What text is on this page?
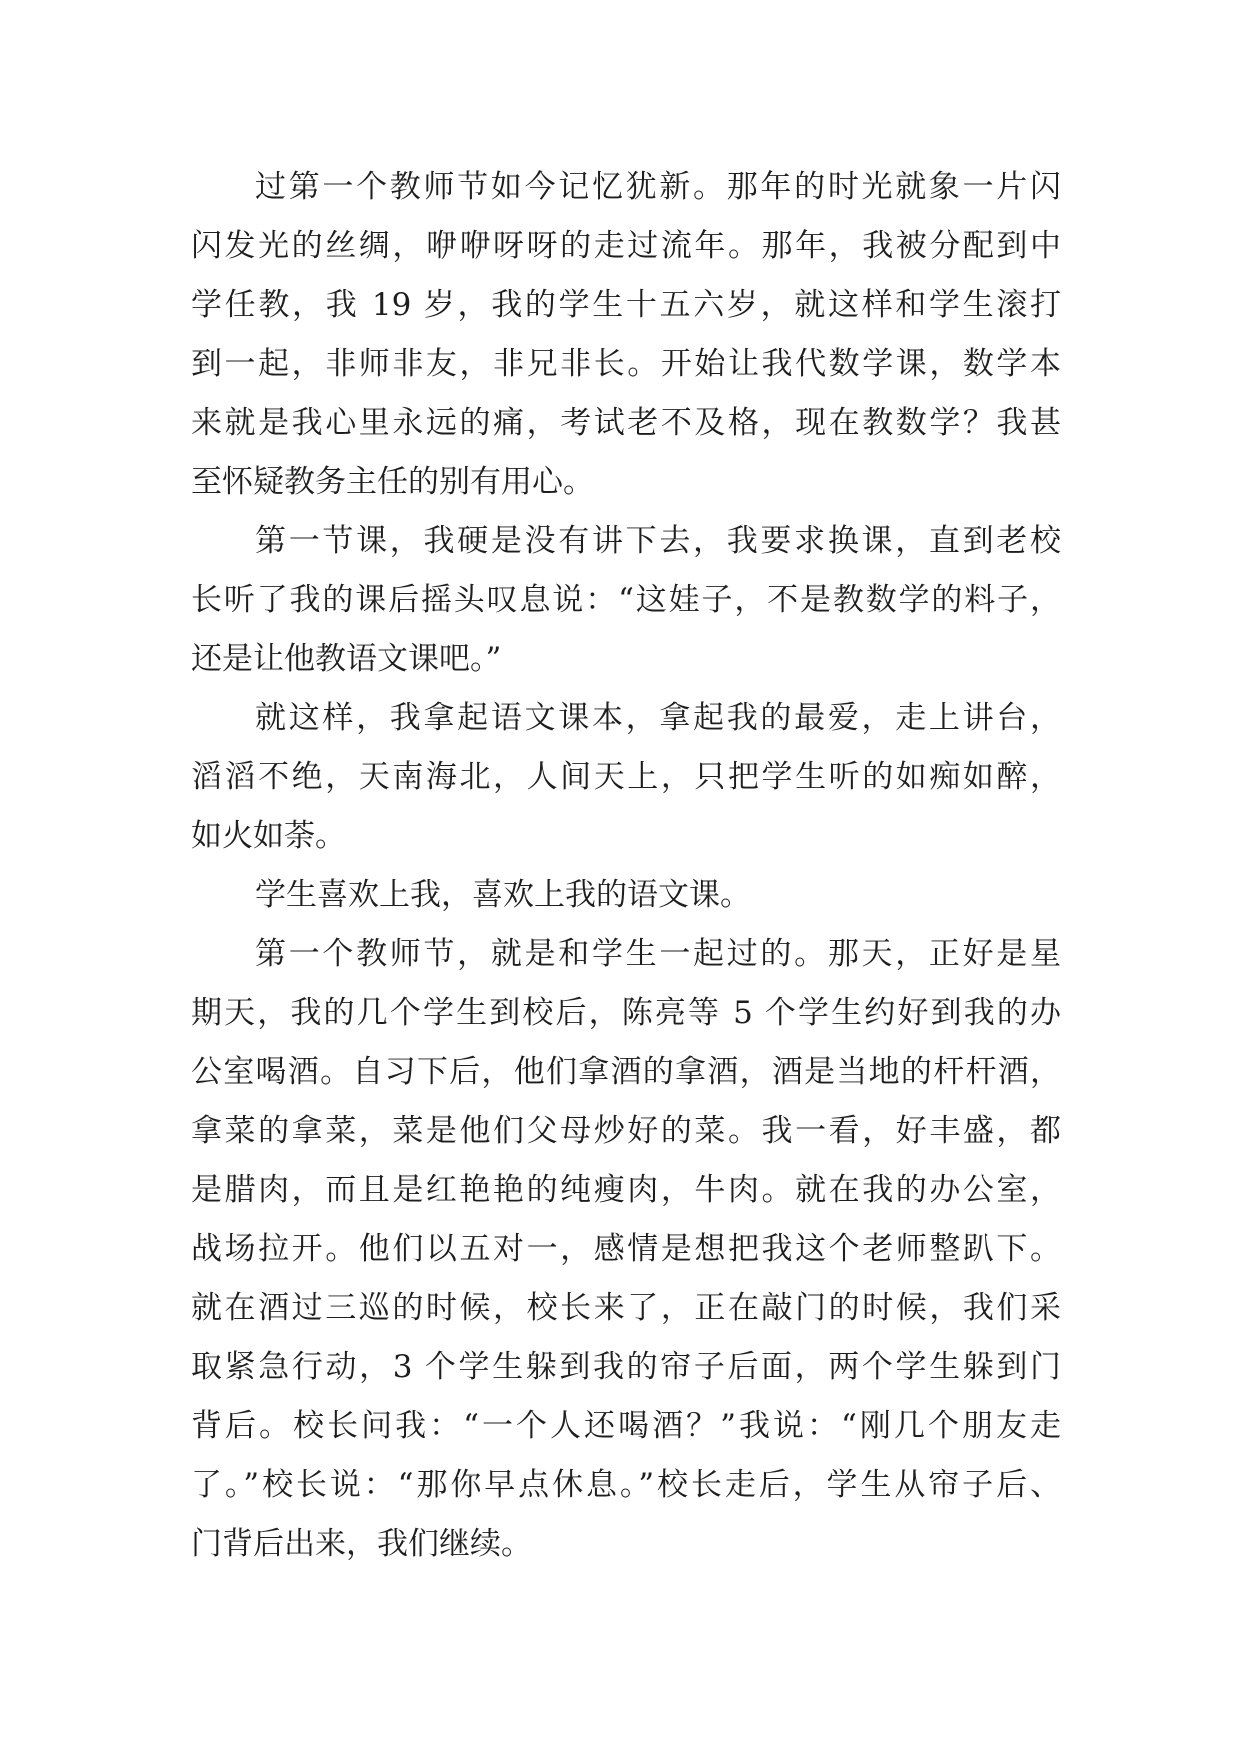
过第一个教师节如今记忆犹新。那年的时光就象一片闪
闪发光的丝绸，咿咿呀呀的走过流年。那年，我被分配到中
学任教，我 19 岁，我的学生十五六岁，就这样和学生滚打
到一起，非师非友，非兄非长。开始让我代数学课，数学本
来就是我心里永远的痛，考试老不及格，现在教数学？我甚
至怀疑教务主任的别有用心。
第一节课，我硬是没有讲下去，我要求换课，直到老校
长听了我的课后摇头叹息说：“这娃子，不是教数学的料子，
还是让他教语文课吧。”
就这样，我拿起语文课本，拿起我的最爱，走上讲台，
滔滔不绝，天南海北，人间天上，只把学生听的如痴如醉，
如火如荼。
学生喜欢上我，喜欢上我的语文课。
第一个教师节，就是和学生一起过的。那天，正好是星
期天，我的几个学生到校后，陈亮等 5 个学生约好到我的办
公室喝酒。自习下后，他们拿酒的拿酒，酒是当地的杆杆酒，
拿菜的拿菜，菜是他们父母炒好的菜。我一看，好丰盛，都
是腊肉，而且是红艳艳的纯瘦肉，牛肉。就在我的办公室，
战场拉开。他们以五对一，感情是想把我这个老师整趴下。
就在酒过三巡的时候，校长来了，正在敲门的时候，我们采
取紧急行动，3 个学生躲到我的帘子后面，两个学生躲到门
背后。校长问我：“一个人还喝酒？”我说：“刚几个朋友走
了。”校长说：“那你早点休息。”校长走后，学生从帘子后、
门背后出来，我们继续。
